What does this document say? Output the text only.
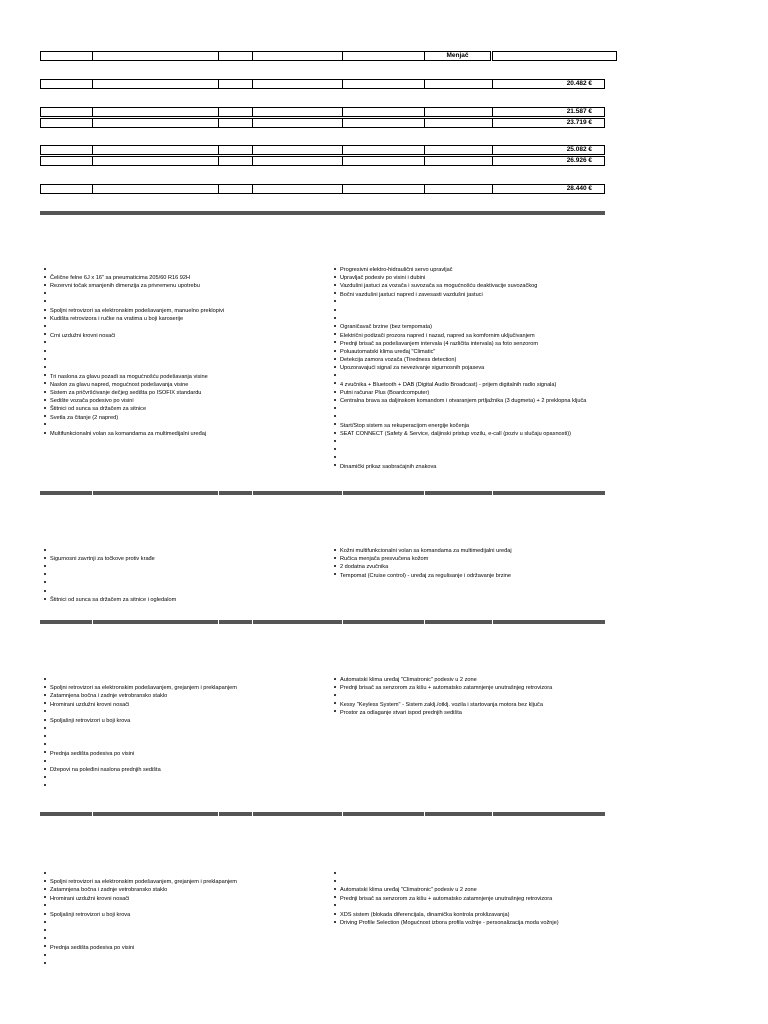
Menjač
20.482 €
21.587 €
23.719 €
25.082 €
26.926 €
28.440 €
Čelične felne 6J x 16" sa pneumaticima 205/60 R16 92H
Rezervni točak smanjenih dimenzija za privremenu upotrebu
Spoljni retrovizori sa elektronskim podešavanjem, manuelno preklopivi
Kudišta retrovizora i ručke na vratima u boji karoserije
Crni uzdužni krovni nosači
Tri naslona za glavu pozadi sa mogućnošću podešavanja visine
Naslon za glavu napred, mogućnost podešavanja visine
Sistem za pričvršćivanje dečjeg sedišta po ISOFIX standardu
Sedište vozača podesivo po visini
Štitnici od sunca sa držačem za sitnice
Svetla za čitanje (2 napred)
Multifunkcionalni volan sa komandama za multimedijalni uređaj
Progresivni elektro-hidraulični servo upravljač
Upravljač podesiv po visini i dubini
Vazdušni jastuci za vozača i suvozača sa mogućnošću deaktivacije suvozačkog
Bočni vazdušni jastuci napred i zavesasti vazdušni jastuci
Ograničavač brzine (bez tempomata)
Električni podizači prozora napred i nazad, napred sa komfornim uključivanjem
Prednji brisač sa podešavanjem intervala (4 različita intervala) sa foto senzorom
Poluautomatski klima uređaj "Climatic"
Detekcija zamora vozača (Tiredness detection)
Upozoravajući signal za nevezivanje sigurnosnih pojaseva
4 zvučnika + Bluetooth + DAB (Digital Audio Broadcast) - prijem digitalnih radio signala)
Putni računar Plus (Boardcomputer)
Centralna brava sa daljinskom komandom i otvaranjem prtljažnika (3 dugmeta) + 2 preklopna ključa
Start/Stop sistem sa rekuperacijom energije kočenja
SEAT CONNECT (Safety & Service, daljinski pristup vozilu, e-call (poziv u slučaju opasnosti))
Dinamički prikaz saobraćajnih znakova
Sigurnosni zavrtnji za točkove protiv krađe
Štitnici od sunca sa držačem za sitnice i ogledalom
Kožni multifunkcionalni volan sa komandama za multimedijalni uređaj
Ručica menjača presvučena kožom
2 dodatna zvučnika
Tempomat (Cruise control) - uređaj za regulisanje i održavanje brzine
Spoljni retrovizori sa elektronskim podešavanjem, grejanjem i preklapanjem
Zatamnjena bočna i zadnje vetrobransko staklo
Hromirani uzdužni krovni nosači
Spoljašnji retrovizori u boji krova
Prednja sedišta podesiva po visini
Džepovi na poleđini naslona prednjih sedišta
Automatski klima uređaj "Climatronic" podesiv u 2 zone
Prednji brisač sa senzorom za kišu + automatsko zatamnjenje unutrašnjeg retrovizora
Kessy "Keyless System" - Sistem zaklj./otklj. vozila i startovanja motora bez ključa
Prostor za odlaganje stvari ispod prednjih sedišta
Spoljni retrovizori sa elektronskim podešavanjem, grejanjem i preklapanjem
Zatamnjena bočna i zadnje vetrobransko staklo
Hromirani uzdužni krovni nosači
Spoljašnji retrovizori u boji krova
Prednja sedišta podesiva po visini
Automatski klima uređaj "Climatronic" podesiv u 2 zone
Prednji brisač sa senzorom za kišu + automatsko zatamnjenje unutrašnjeg retrovizora
XDS sistem (blokada diferencijala, dinamička kontrola proklizavanja)
Driving Profile Selection (Mogućnost izbora profila vožnje - personalizacija moda vožnje)
